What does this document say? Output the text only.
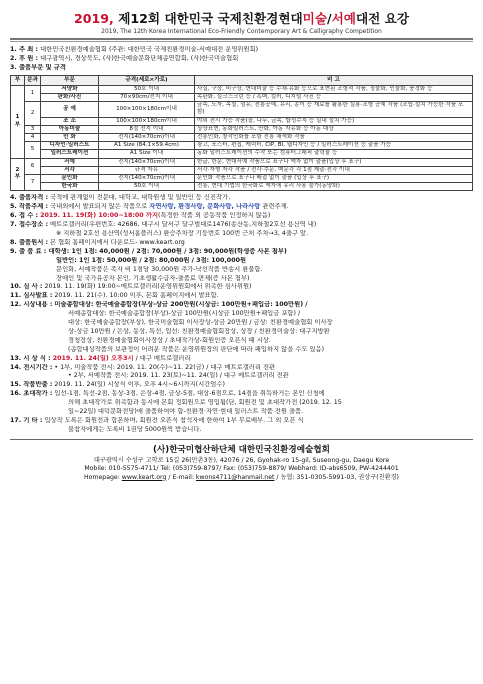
2019, 제12회 대한민국 국제친환경현대미술/서예대전 요강
2019, The 12th Korea International Eco-Friendly Contemporary Art & Calligraphy Competition
1. 주 최 : 대한민국친환경예술협회 (주관: 대한민국 국제친환경미술-서예대전 운영위원회)
2. 후 원 : 대구광역시, 경상북도, (사)한국예술문화단체총연합회, (사)한국미술협회
3. 출품부문 및 규격
부	분과	부문	규격(세로×가로)	비 고
1부	1	서양화	50호 이내	사실, 구상, 비구상, 현대미술 등 수채·유화 등으로 표현된 조형적 작품, 정물화, 인물화, 풍경화 등
		판화/사진	70×90cm/전지 이내	목판화, 실크스크린 등 / 흑백, 컬러, 디지털 사진 등
	2	공 예	100×100×180cm이내	금속, 도자, 목칠, 섬유, 전통공예, 유리, 종이 등 재료를 활용한 실용·조형 공예 작품 (조립·설치 가능한 작품 포함)
		조 소	100×100×180cm이내	야외 전시 가능 작품(돌, 나무, 금속, 합성수지 등 실내 설치 가능)
	3	아동미술	8절 전지 이내	상상표현, 동화일러스트, 만화, 아동 자유화 등 아동 대상
	4	민 화	전지(140×70cm)이내	전통민화, 창작민화를 포함 전통 채색화 작품
	5	디자인·일러스트	A1 Size (84.1×59.4cm)	광고, 포스터, 편집, 캐릭터, CIP, BI, 웹디자인 등 / 일러스트레이션 등 출품 가능
		일러스트레이션	A1 Size 이내	동화 일러스트레이션의 수작 또는 컴퓨터그래픽 출력물 등
2부	6	서예	전지(140×70cm)이내	한글, 한문, 현대서예 작품으로 표구나 액자 없이 출품(입상 후 표구)
		서각	규격 자유	서각·자형 자각 작품 / 전각·추문, 백문각 각 1점 제출·전각 이내
	7	문인화	전지(140×70cm)이내	문인화 작품으로 표구나 배접 없이 출품 (입상 후 표구)
		한국화	50호 이내	전통, 현대 기법의 한국화로 액자에 유리 사용 불가(동양화)
4. 출품자격 : 국적에 관계없이 전문대, 대학교, 대학원생 및 일반인 등 신진작가.
5. 작품주제 : 국내외에서 발표되지 않은 작품으로 자연사랑, 환경사랑, 문화사랑, 나라사랑 관련주제.
6. 접 수 : 2019. 11. 19(화) 10:00~18:00 까지(특정한 작품 외 공동작품 인정하지 않음)
7. 접수장소 : 메트로갤러리(우편번호: 42686, 대구시 달서구 달구벌대로1476(송산동,지하철2호선 용산역 내)
※ 지하철 2호선 용산역(성서홈플러스) 환승주차장 기둥번호 100번 근처 주차→3, 4출구 앞.
8. 출품원서 : 본 협회 홈페이지에서 다운로드- www.keart.org
9. 출 품 료 : 대학생: 1인 1점: 40,000원 / 2점: 70,000원 / 3점: 90,000원(학생증 사본 첨부)
일반인: 1인 1점: 50,000원 / 2점: 80,000원 / 3점: 100,000원
문인화, 서예작품은 족자 비 1점당 30,000원 추가-낙선작품 반송시 환불함.
장애인 및 국가유공자 본인, 기초생활수급자-출품료 면제(증 사본 첨부)
10. 심 사 : 2019. 11. 19(화) 19:00~메트로갤러리(운영위원회에서 위촉한 심사위원)
11. 심사발표 : 2019. 11. 21(수). 10:00 이후, 본회 홈페이지에서 발표함.
12. 시상내용 : 미술총합대상: 한국예술총합장(부상-상금 200만원(시상금: 100만원+패입금: 100만원) /
서예총합대상: 한국예술총합장(부상)-상금 100만원(시상금 100만원+패입금 포함) /
대상: 한국예술총합장(부상), 한국미술협회 이사장상-상금 20만원 / 금상: 친환경예술협회 이사장
상-상금 10만원 / 은상, 동상, 특선, 입선: 친환경예술협회장상, 상장 / 친환경미술상: 대구지방환
경청장상, 친환경예술협회이사장상 / 초대작가상-회원인증 오픈식 때 시상.
(총합대상작품의 보관정이 어려운 작품은 운영위원장의 판단에 따라 패입하지 않을 수도 있음)
13. 시 상 식 : 2019. 11. 24(일) 오후3시 / 대구 메트로갤러리
14. 전시기간 : • 1부, 미술작품 전시: 2019. 11. 20(수)~11. 22(금) / 대구 메트로갤러리 전관
• 2부, 서예작품 전시: 2019. 11. 23(토)~11. 24(일) / 대구 메트로갤러리 전관
15. 작품반출 : 2019. 11. 24(일) 시상식 이후, 오후 4시~6시까지(시간엄수)
16. 초대작가 : 입선-1점, 특선-2점, 동상-3점, 은상-4점, 금상-5점, 대상-6점으로, 14점을 취득하거는 본인 신청에
의해 초대작가로 위촉함과 동시에 본회 정회원으로 영입됨(단, 회원전 및 초대작가전 (2019. 12. 15
일~22일) 대덕문화전당)에 출품하여야 함-친환경·자연·현대 일러스트 작품 전원 출품.
17. 기 타 : 입상작 도록은 회원전과 합본하며, 회원전 오픈식 참석자에 한하여 1부 무료배부. 그 외 오픈 식
불참자에게는 도록비 1권당 5000원씩 받습니다.
(사)한국미협산하단체 대한민국친환경예술협회
대구광역시 수성구 고학로 15길 26(만촌3동), 42076 / 26, Gyohak-ro 15-gil, Suseong-gu, Daegu Kore
Mobile: 010-5575-4711/ Tel: (053)759-8797/ Fax: (053)759-8879/ Webhard: ID-abs6509, PW-4244401
Homepage: www.keart.org / E-mail: kwons4711@hanmail.net / 농협: 351-0305-5991-03, 권상구(친환경)
